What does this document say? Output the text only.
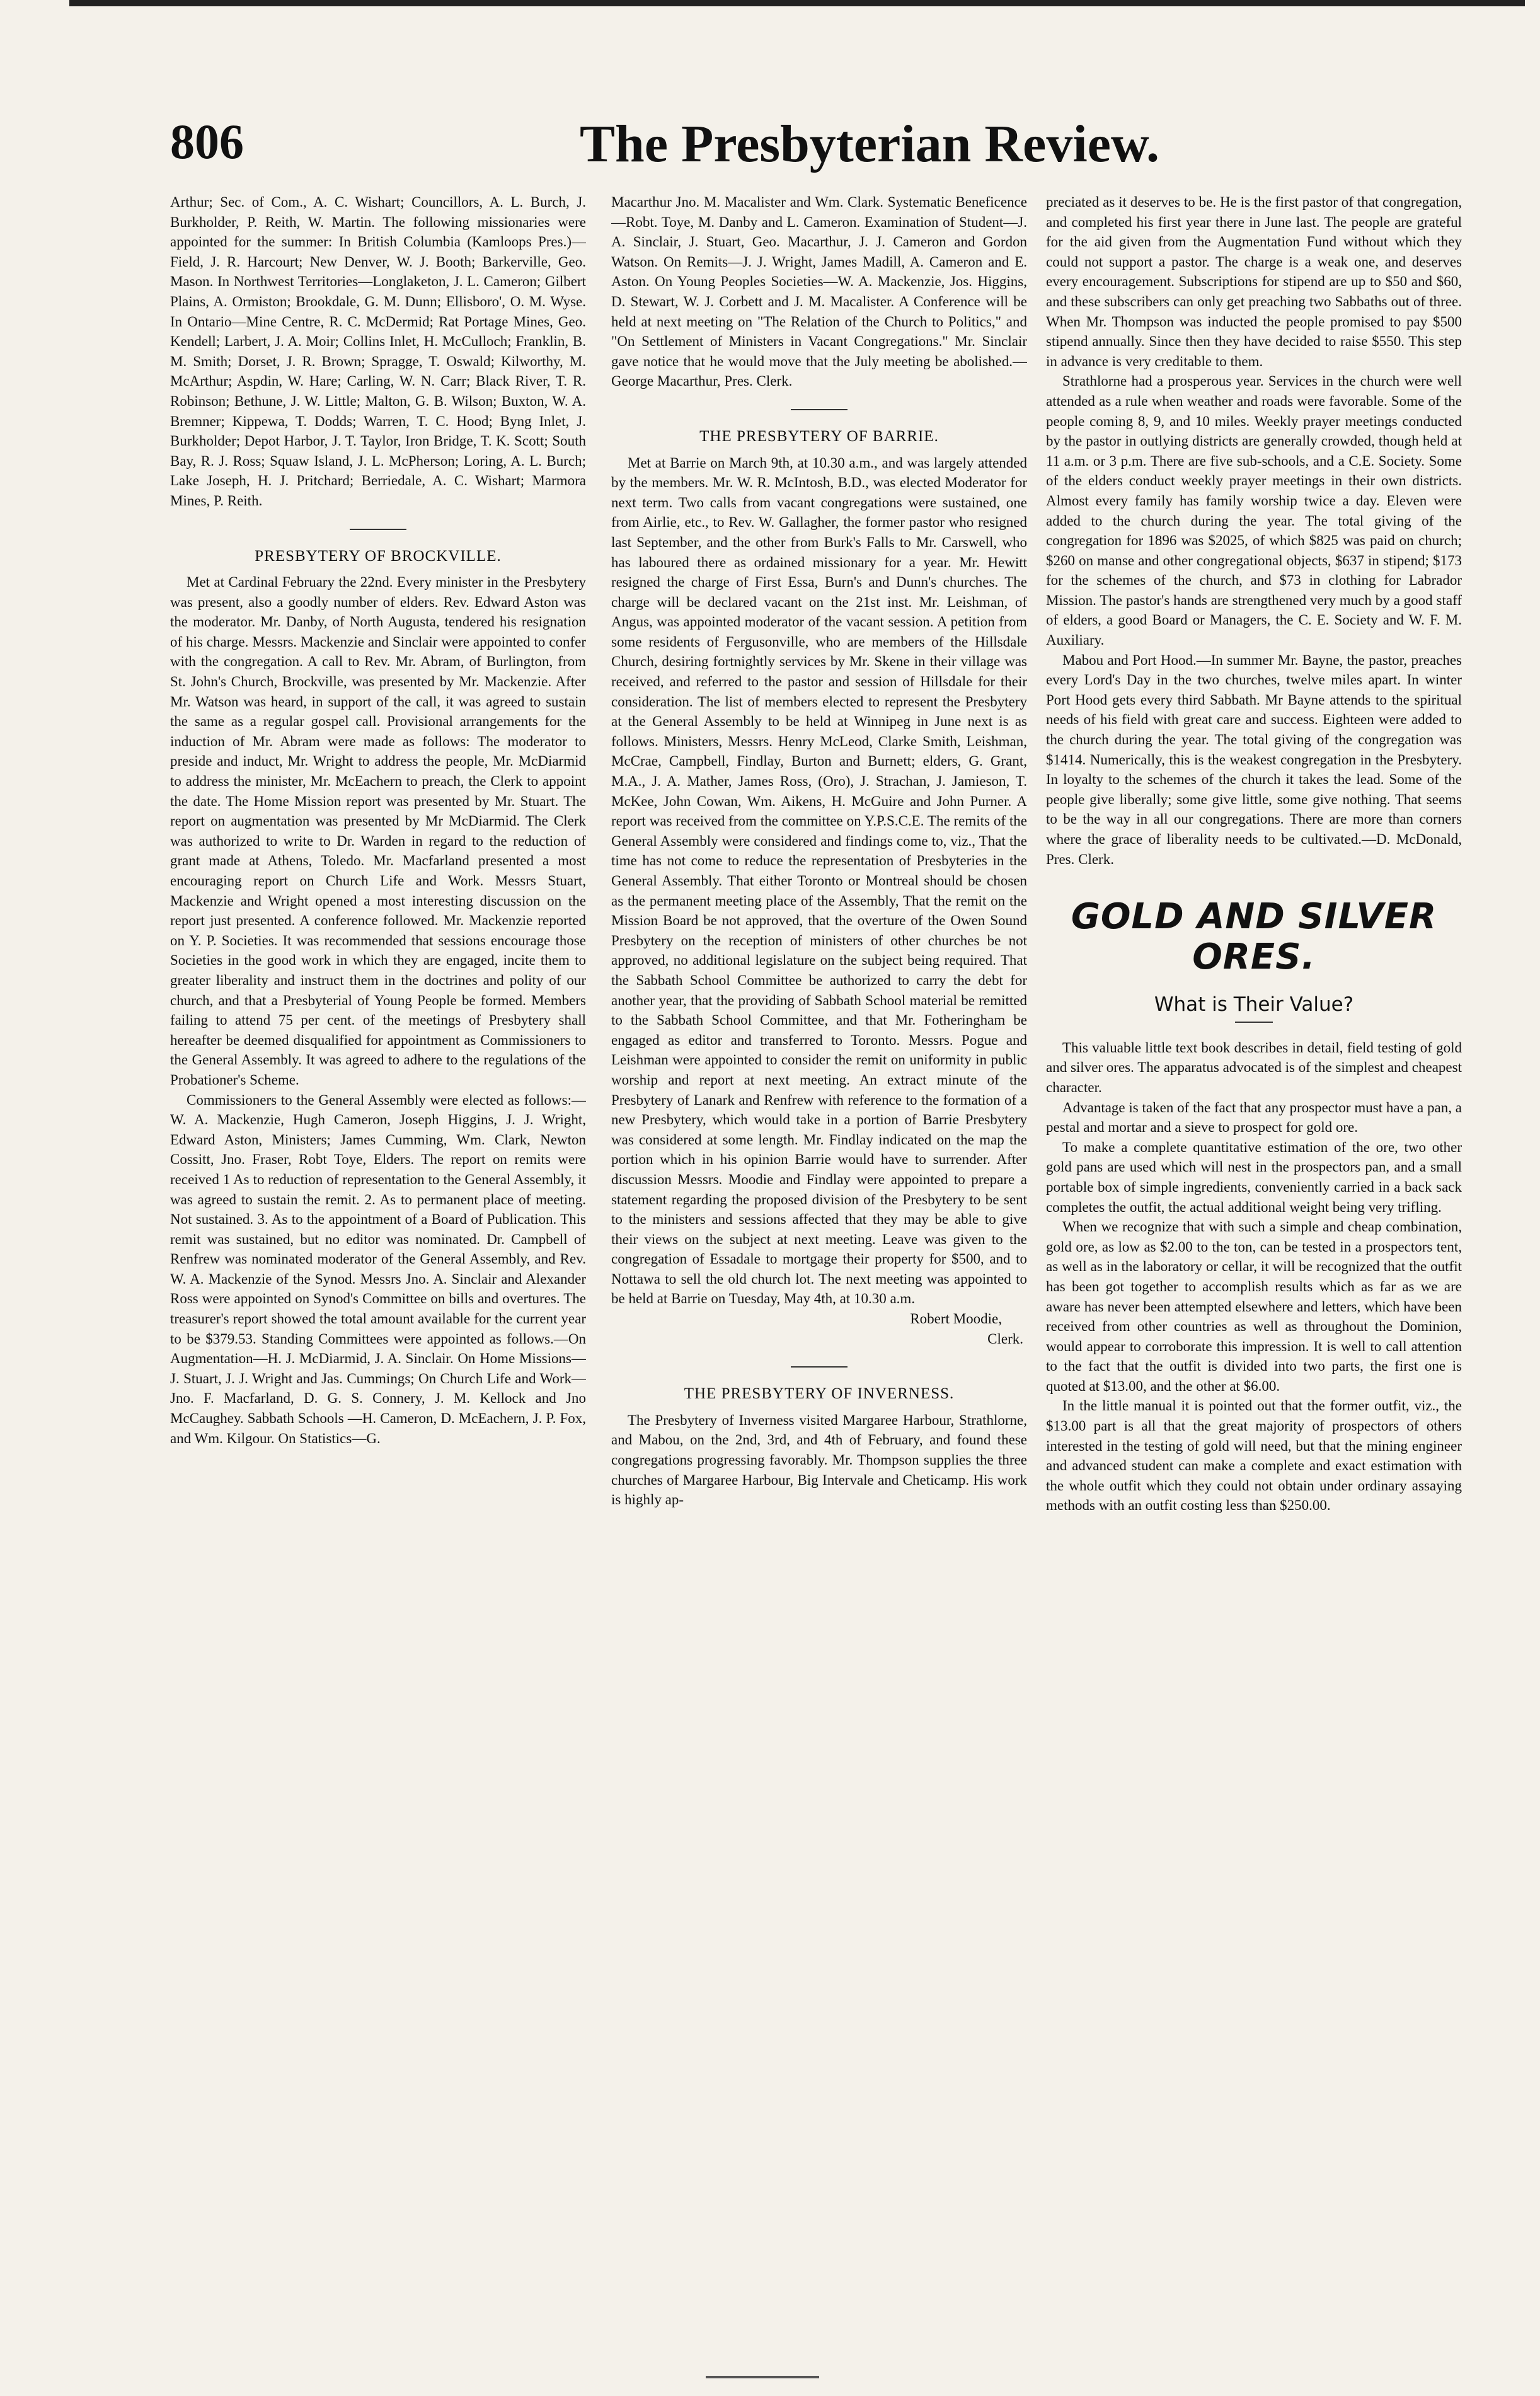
806	The Presbyterian Review.

Arthur; Sec. of Com., A. C. Wishart; Councillors, A. L. Burch, J. Burkholder, P. Reith, W. Martin. The following missionaries were appointed for the summer: In British Columbia (Kamloops Pres.)—Field, J. R. Harcourt; New Denver, W. J. Booth; Barkerville, Geo. Mason. In Northwest Territories—Longlaketon, J. L. Cameron; Gilbert Plains, A. Ormiston; Brookdale, G. M. Dunn; Ellisboro', O. M. Wyse. In Ontario—Mine Centre, R. C. McDermid; Rat Portage Mines, Geo. Kendell; Larbert, J. A. Moir; Collins Inlet, H. McCulloch; Franklin, B. M. Smith; Dorset, J. R. Brown; Spragge, T. Oswald; Kilworthy, M. McArthur; Aspdin, W. Hare; Carling, W. N. Carr; Black River, T. R. Robinson; Bethune, J. W. Little; Malton, G. B. Wilson; Buxton, W. A. Bremner; Kippewa, T. Dodds; Warren, T. C. Hood; Byng Inlet, J. Burkholder; Depot Harbor, J. T. Taylor, Iron Bridge, T. K. Scott; South Bay, R. J. Ross; Squaw Island, J. L. McPherson; Loring, A. L. Burch; Lake Joseph, H. J. Pritchard; Berriedale, A. C. Wishart; Marmora Mines, P. Reith.

PRESBYTERY OF BROCKVILLE.

Met at Cardinal February the 22nd. Every minister in the Presbytery was present, also a goodly number of elders. Rev. Edward Aston was the moderator. Mr. Danby, of North Augusta, tendered his resignation of his charge. Messrs. Mackenzie and Sinclair were appointed to confer with the congregation. A call to Rev. Mr. Abram, of Burlington, from St. John's Church, Brockville, was presented by Mr. Mackenzie. After Mr. Watson was heard, in support of the call, it was agreed to sustain the same as a regular gospel call. Provisional arrangements for the induction of Mr. Abram were made as follows: The moderator to preside and induct, Mr. Wright to address the people, Mr. McDiarmid to address the minister, Mr. McEachern to preach, the Clerk to appoint the date. The Home Mission report was presented by Mr. Stuart. The report on augmentation was presented by Mr McDiarmid. The Clerk was authorized to write to Dr. Warden in regard to the reduction of grant made at Athens, Toledo. Mr. Macfarland presented a most encouraging report on Church Life and Work. Messrs Stuart, Mackenzie and Wright opened a most interesting discussion on the report just presented. A conference followed. Mr. Mackenzie reported on Y. P. Societies. It was recommended that sessions encourage those Societies in the good work in which they are engaged, incite them to greater liberality and instruct them in the doctrines and polity of our church, and that a Presbyterial of Young People be formed. Members failing to attend 75 per cent. of the meetings of Presbytery shall hereafter be deemed disqualified for appointment as Commissioners to the General Assembly. It was agreed to adhere to the regulations of the Probationer's Scheme.

Commissioners to the General Assembly were elected as follows:—W. A. Mackenzie, Hugh Cameron, Joseph Higgins, J. J. Wright, Edward Aston, Ministers; James Cumming, Wm. Clark, Newton Cossitt, Jno. Fraser, Robt Toye, Elders. The report on remits were received 1 As to reduction of representation to the General Assembly, it was agreed to sustain the remit. 2. As to permanent place of meeting. Not sustained. 3. As to the appointment of a Board of Publication. This remit was sustained, but no editor was nominated. Dr. Campbell of Renfrew was nominated moderator of the General Assembly, and Rev. W. A. Mackenzie of the Synod. Messrs Jno. A. Sinclair and Alexander Ross were appointed on Synod's Committee on bills and overtures. The treasurer's report showed the total amount available for the current year to be $379.53. Standing Committees were appointed as follows.—On Augmentation—H. J. McDiarmid, J. A. Sinclair. On Home Missions—J. Stuart, J. J. Wright and Jas. Cummings; On Church Life and Work—Jno. F. Macfarland, D. G. S. Connery, J. M. Kellock and Jno McCaughey. Sabbath Schools —H. Cameron, D. McEachern, J. P. Fox, and Wm. Kilgour. On Statistics—G.

Macarthur Jno. M. Macalister and Wm. Clark. Systematic Beneficence —Robt. Toye, M. Danby and L. Cameron. Examination of Student—J. A. Sinclair, J. Stuart, Geo. Macarthur, J. J. Cameron and Gordon Watson. On Remits—J. J. Wright, James Madill, A. Cameron and E. Aston. On Young Peoples Societies—W. A. Mackenzie, Jos. Higgins, D. Stewart, W. J. Corbett and J. M. Macalister. A Conference will be held at next meeting on "The Relation of the Church to Politics," and "On Settlement of Ministers in Vacant Congregations." Mr. Sinclair gave notice that he would move that the July meeting be abolished.—George Macarthur, Pres. Clerk.

THE PRESBYTERY OF BARRIE.

Met at Barrie on March 9th, at 10.30 a.m., and was largely attended by the members. Mr. W. R. McIntosh, B.D., was elected Moderator for next term. Two calls from vacant congregations were sustained, one from Airlie, etc., to Rev. W. Gallagher, the former pastor who resigned last September, and the other from Burk's Falls to Mr. Carswell, who has laboured there as ordained missionary for a year. Mr. Hewitt resigned the charge of First Essa, Burn's and Dunn's churches. The charge will be declared vacant on the 21st inst. Mr. Leishman, of Angus, was appointed moderator of the vacant session. A petition from some residents of Fergusonville, who are members of the Hillsdale Church, desiring fortnightly services by Mr. Skene in their village was received, and referred to the pastor and session of Hillsdale for their consideration. The list of members elected to represent the Presbytery at the General Assembly to be held at Winnipeg in June next is as follows. Ministers, Messrs. Henry McLeod, Clarke Smith, Leishman, McCrae, Campbell, Findlay, Burton and Burnett; elders, G. Grant, M.A., J. A. Mather, James Ross, (Oro), J. Strachan, J. Jamieson, T. McKee, John Cowan, Wm. Aikens, H. McGuire and John Purner. A report was received from the committee on Y.P.S.C.E. The remits of the General Assembly were considered and findings come to, viz., That the time has not come to reduce the representation of Presbyteries in the General Assembly. That either Toronto or Montreal should be chosen as the permanent meeting place of the Assembly, That the remit on the Mission Board be not approved, that the overture of the Owen Sound Presbytery on the reception of ministers of other churches be not approved, no additional legislature on the subject being required. That the Sabbath School Committee be authorized to carry the debt for another year, that the providing of Sabbath School material be remitted to the Sabbath School Committee, and that Mr. Fotheringham be engaged as editor and transferred to Toronto. Messrs. Pogue and Leishman were appointed to consider the remit on uniformity in public worship and report at next meeting. An extract minute of the Presbytery of Lanark and Renfrew with reference to the formation of a new Presbytery, which would take in a portion of Barrie Presbytery was considered at some length. Mr. Findlay indicated on the map the portion which in his opinion Barrie would have to surrender. After discussion Messrs. Moodie and Findlay were appointed to prepare a statement regarding the proposed division of the Presbytery to be sent to the ministers and sessions affected that they may be able to give their views on the subject at next meeting. Leave was given to the congregation of Essadale to mortgage their property for $500, and to Nottawa to sell the old church lot. The next meeting was appointed to be held at Barrie on Tuesday, May 4th, at 10.30 a.m.

Robert Moodie,

Clerk.

THE PRESBYTERY OF INVERNESS.

The Presbytery of Inverness visited Margaree Harbour, Strathlorne, and Mabou, on the 2nd, 3rd, and 4th of February, and found these congregations progressing favorably. Mr. Thompson supplies the three churches of Margaree Harbour, Big Intervale and Cheticamp. His work is highly ap-

preciated as it deserves to be. He is the first pastor of that congregation, and completed his first year there in June last. The people are grateful for the aid given from the Augmentation Fund without which they could not support a pastor. The charge is a weak one, and deserves every encouragement. Subscriptions for stipend are up to $50 and $60, and these subscribers can only get preaching two Sabbaths out of three. When Mr. Thompson was inducted the people promised to pay $500 stipend annually. Since then they have decided to raise $550. This step in advance is very creditable to them.

Strathlorne had a prosperous year. Services in the church were well attended as a rule when weather and roads were favorable. Some of the people coming 8, 9, and 10 miles. Weekly prayer meetings conducted by the pastor in outlying districts are generally crowded, though held at 11 a.m. or 3 p.m. There are five sub-schools, and a C.E. Society. Some of the elders conduct weekly prayer meetings in their own districts. Almost every family has family worship twice a day. Eleven were added to the church during the year. The total giving of the congregation for 1896 was $2025, of which $825 was paid on church; $260 on manse and other congregational objects, $637 in stipend; $173 for the schemes of the church, and $73 in clothing for Labrador Mission. The pastor's hands are strengthened very much by a good staff of elders, a good Board or Managers, the C. E. Society and W. F. M. Auxiliary.

Mabou and Port Hood.—In summer Mr. Bayne, the pastor, preaches every Lord's Day in the two churches, twelve miles apart. In winter Port Hood gets every third Sabbath. Mr Bayne attends to the spiritual needs of his field with great care and success. Eighteen were added to the church during the year. The total giving of the congregation was $1414. Numerically, this is the weakest congregation in the Presbytery. In loyalty to the schemes of the church it takes the lead. Some of the people give liberally; some give little, some give nothing. That seems to be the way in all our congregations. There are more than corners where the grace of liberality needs to be cultivated.—D. McDonald, Pres. Clerk.

GOLD AND SILVER ORES.
What is Their Value?

This valuable little text book describes in detail, field testing of gold and silver ores. The apparatus advocated is of the simplest and cheapest character.

Advantage is taken of the fact that any prospector must have a pan, a pestal and mortar and a sieve to prospect for gold ore.

To make a complete quantitative estimation of the ore, two other gold pans are used which will nest in the prospectors pan, and a small portable box of simple ingredients, conveniently carried in a back sack completes the outfit, the actual additional weight being very trifling.

When we recognize that with such a simple and cheap combination, gold ore, as low as $2.00 to the ton, can be tested in a prospectors tent, as well as in the laboratory or cellar, it will be recognized that the outfit has been got together to accomplish results which as far as we are aware has never been attempted elsewhere and letters, which have been received from other countries as well as throughout the Dominion, would appear to corroborate this impression. It is well to call attention to the fact that the outfit is divided into two parts, the first one is quoted at $13.00, and the other at $6.00.

In the little manual it is pointed out that the former outfit, viz., the $13.00 part is all that the great majority of prospectors of others interested in the testing of gold will need, but that the mining engineer and advanced student can make a complete and exact estimation with the whole outfit which they could not obtain under ordinary assaying methods with an outfit costing less than $250.00.
